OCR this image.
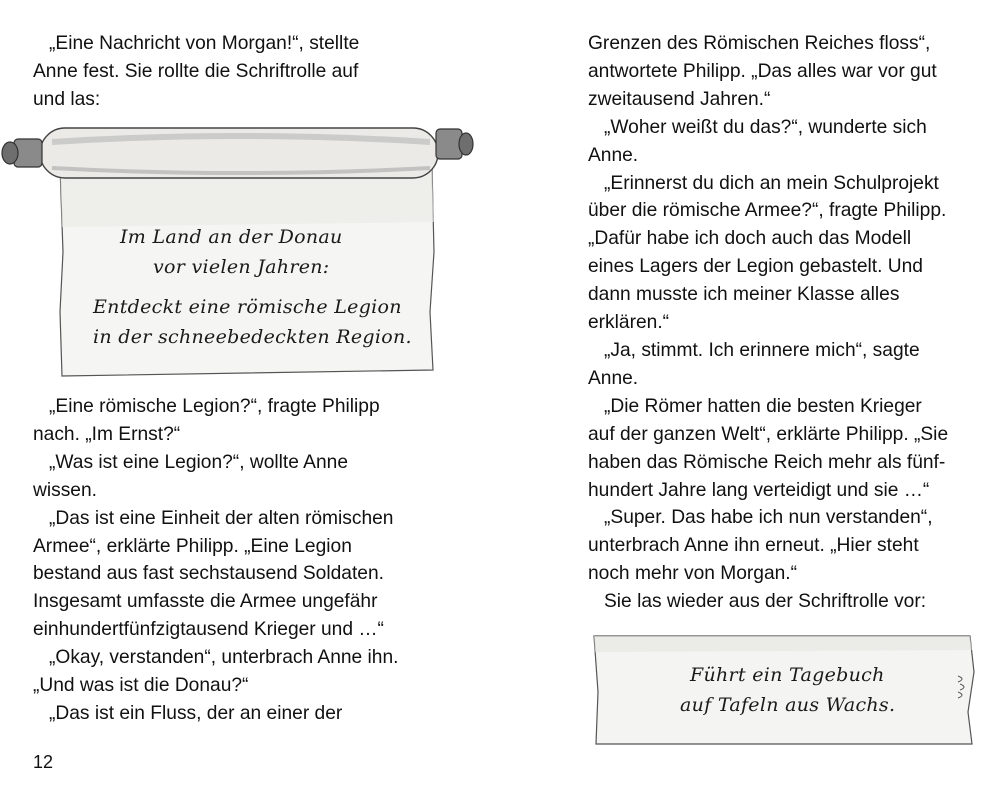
„Eine Nachricht von Morgan!“, stellte

Anne fest. Sie rollte die Schriftrolle auf

und las:

„Eine römische Legion?“, fragte Philipp

nach. „Im Ernst?“

„Was ist eine Legion?“, wollte Anne

wissen.

„Das ist eine Einheit der alten römischen

Armee“, erklärte Philipp. „Eine Legion

bestand aus fast sechstausend Soldaten.

Insgesamt umfasste die Armee ungefähr

einhundertfünfzigtausend Krieger und …“

„Okay, verstanden“, unterbrach Anne ihn.

„Und was ist die Donau?“

„Das ist ein Fluss, der an einer der

Im Land an der Donau
vor vielen Jahren:
Entdeckt eine römische Legion
in der schneebedeckten Region.

Grenzen des Römischen Reiches floss“,

antwortete Philipp. „Das alles war vor gut

zweitausend Jahren.“

„Woher weißt du das?“, wunderte sich

Anne.

„Erinnerst du dich an mein Schulprojekt

über die römische Armee?“, fragte Philipp.

„Dafür habe ich doch auch das Modell

eines Lagers der Legion gebastelt. Und

dann musste ich meiner Klasse alles

erklären.“

„Ja, stimmt. Ich erinnere mich“, sagte

Anne.

„Die Römer hatten die besten Krieger

auf der ganzen Welt“, erklärte Philipp. „Sie

haben das Römische Reich mehr als fünf-

hundert Jahre lang verteidigt und sie …“

„Super. Das habe ich nun verstanden“,

unterbrach Anne ihn erneut. „Hier steht

noch mehr von Morgan.“

Sie las wieder aus der Schriftrolle vor:

Führt ein Tagebuch
auf Tafeln aus Wachs.
12
